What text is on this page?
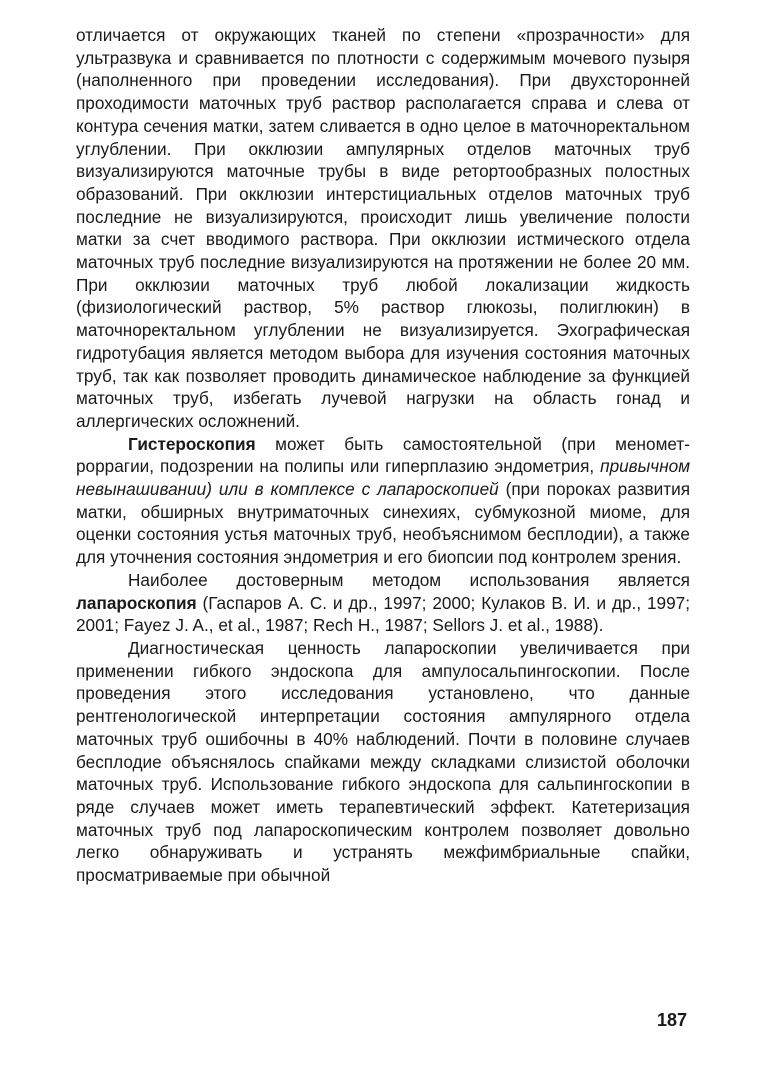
отличается от окружающих тканей по степени «прозрачности» для ультразвука и сравнивается по плотности с содержимым мочевого пузыря (наполненного при проведении исследования). При двухсторонней проходимости маточных труб раствор располагается справа и слева от контура сечения матки, затем сливается в одно целое в маточноректальном углублении. При окклюзии ампулярных отделов маточных труб визуализируются маточные трубы в виде ретортообразных полостных образований. При окклюзии интерстициальных отделов маточных труб последние не визуализируются, происходит лишь увеличение полости матки за счет вводимого раствора. При окклюзии истмического отдела маточных труб последние визуализируются на протяжении не более 20 мм. При окклюзии маточных труб любой локализации жидкость (физиологический раствор, 5% раствор глюкозы, полиглюкин) в маточноректальном углублении не визуализируется. Эхографическая гидротубация является методом выбора для изучения состояния маточных труб, так как позволяет проводить динамическое наблюдение за функцией маточных труб, избегать лучевой нагрузки на область гонад и аллергических осложнений.

Гистероскопия может быть самостоятельной (при меномет-роррагии, подозрении на полипы или гиперплазию эндометрия, привычном невынашивании) или в комплексе с лапароскопией (при пороках развития матки, обширных внутриматочных синехиях, субмукозной миоме, для оценки состояния устья маточных труб, необъяснимом бесплодии), а также для уточнения состояния эндометрия и его биопсии под контролем зрения.

Наиболее достоверным методом использования является лапароскопия (Гаспаров А. С. и др., 1997; 2000; Кулаков В. И. и др., 1997; 2001; Fayez J. A., et al., 1987; Rech H., 1987; Sellors J. et al., 1988).

Диагностическая ценность лапароскопии увеличивается при применении гибкого эндоскопа для ампулосальпингоскопии. После проведения этого исследования установлено, что данные рентгенологической интерпретации состояния ампулярного отдела маточных труб ошибочны в 40% наблюдений. Почти в половине случаев бесплодие объяснялось спайками между складками слизистой оболочки маточных труб. Использование гибкого эндоскопа для сальпингоскопии в ряде случаев может иметь терапевтический эффект. Катетеризация маточных труб под лапароскопическим контролем позволяет довольно легко обнаруживать и устранять межфимбриальные спайки, просматриваемые при обычной

187
